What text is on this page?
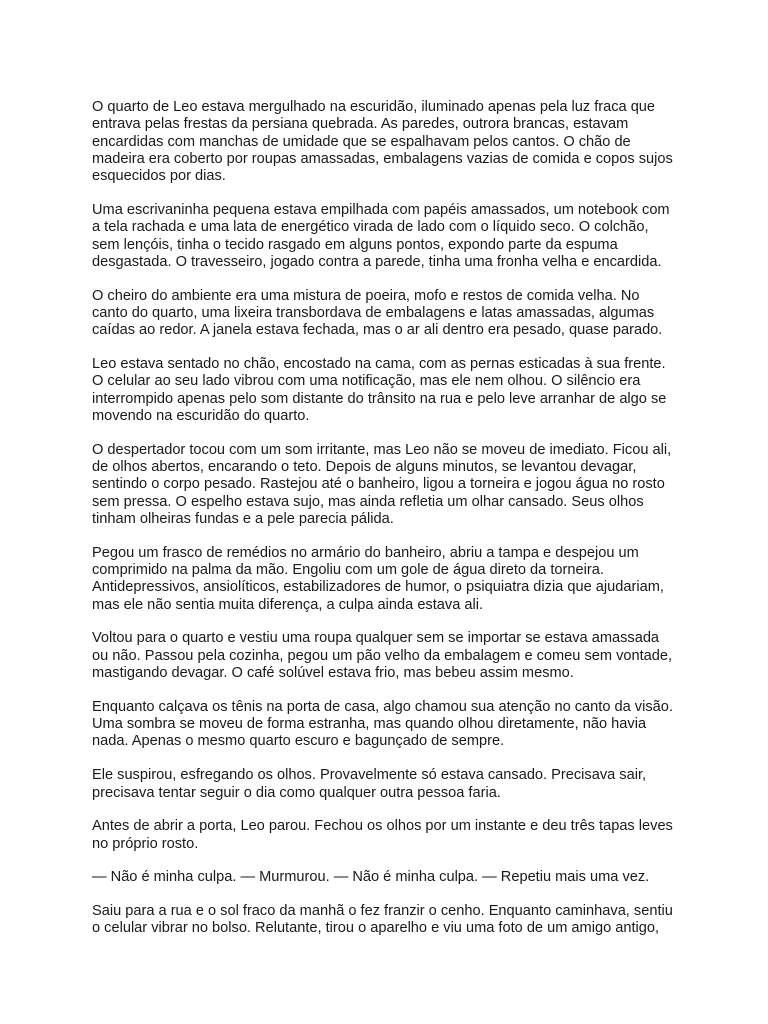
O quarto de Leo estava mergulhado na escuridão, iluminado apenas pela luz fraca que entrava pelas frestas da persiana quebrada. As paredes, outrora brancas, estavam encardidas com manchas de umidade que se espalhavam pelos cantos. O chão de madeira era coberto por roupas amassadas, embalagens vazias de comida e copos sujos esquecidos por dias.

Uma escrivaninha pequena estava empilhada com papéis amassados, um notebook com a tela rachada e uma lata de energético virada de lado com o líquido seco. O colchão, sem lençóis, tinha o tecido rasgado em alguns pontos, expondo parte da espuma desgastada. O travesseiro, jogado contra a parede, tinha uma fronha velha e encardida.

O cheiro do ambiente era uma mistura de poeira, mofo e restos de comida velha. No canto do quarto, uma lixeira transbordava de embalagens e latas amassadas, algumas caídas ao redor. A janela estava fechada, mas o ar ali dentro era pesado, quase parado.

Leo estava sentado no chão, encostado na cama, com as pernas esticadas à sua frente. O celular ao seu lado vibrou com uma notificação, mas ele nem olhou. O silêncio era interrompido apenas pelo som distante do trânsito na rua e pelo leve arranhar de algo se movendo na escuridão do quarto.

O despertador tocou com um som irritante, mas Leo não se moveu de imediato. Ficou ali, de olhos abertos, encarando o teto. Depois de alguns minutos, se levantou devagar, sentindo o corpo pesado. Rastejou até o banheiro, ligou a torneira e jogou água no rosto sem pressa. O espelho estava sujo, mas ainda refletia um olhar cansado. Seus olhos tinham olheiras fundas e a pele parecia pálida.

Pegou um frasco de remédios no armário do banheiro, abriu a tampa e despejou um comprimido na palma da mão. Engoliu com um gole de água direto da torneira. Antidepressivos, ansiolíticos, estabilizadores de humor, o psiquiatra dizia que ajudariam, mas ele não sentia muita diferença, a culpa ainda estava ali.

Voltou para o quarto e vestiu uma roupa qualquer sem se importar se estava amassada ou não. Passou pela cozinha, pegou um pão velho da embalagem e comeu sem vontade, mastigando devagar. O café solúvel estava frio, mas bebeu assim mesmo.

Enquanto calçava os tênis na porta de casa, algo chamou sua atenção no canto da visão. Uma sombra se moveu de forma estranha, mas quando olhou diretamente, não havia nada. Apenas o mesmo quarto escuro e bagunçado de sempre.

Ele suspirou, esfregando os olhos. Provavelmente só estava cansado. Precisava sair, precisava tentar seguir o dia como qualquer outra pessoa faria.

Antes de abrir a porta, Leo parou. Fechou os olhos por um instante e deu três tapas leves no próprio rosto.

— Não é minha culpa. — Murmurou. — Não é minha culpa. — Repetiu mais uma vez.

Saiu para a rua e o sol fraco da manhã o fez franzir o cenho. Enquanto caminhava, sentiu o celular vibrar no bolso. Relutante, tirou o aparelho e viu uma foto de um amigo antigo,
